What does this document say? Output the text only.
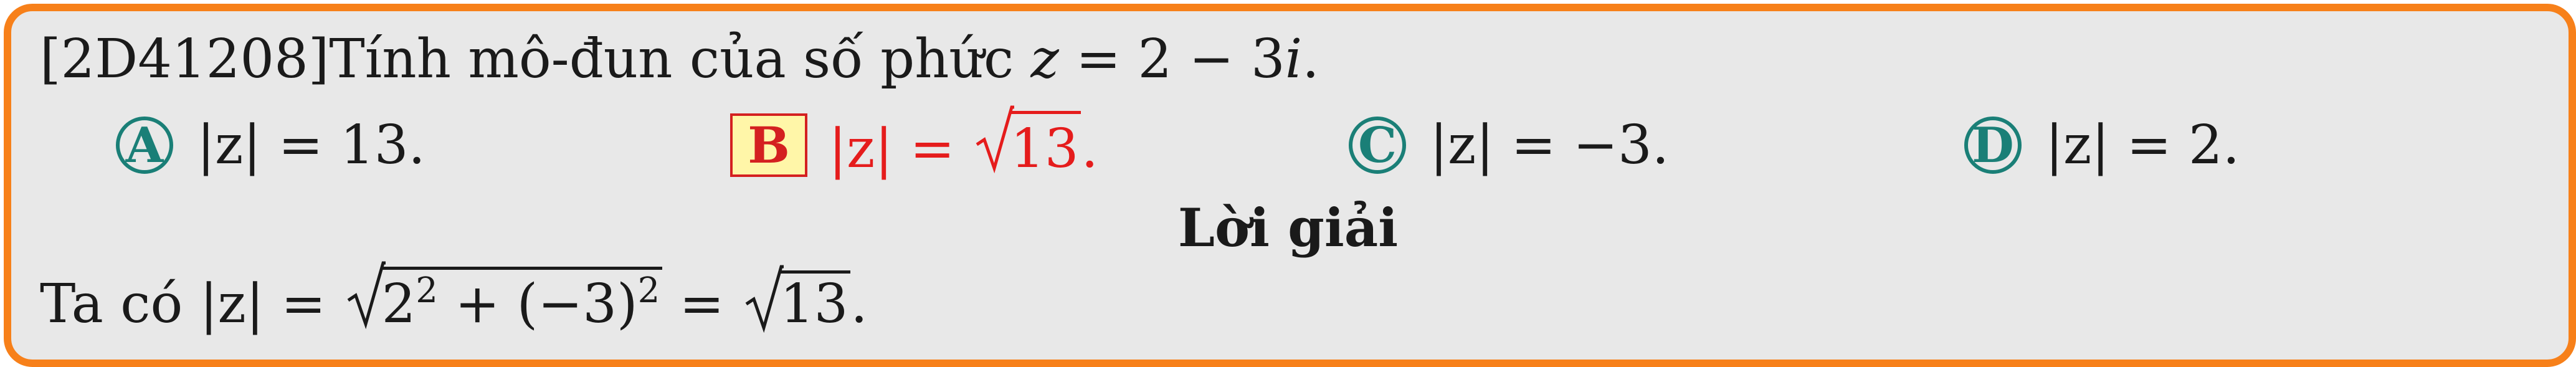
[2D41208]Tính mô-đun của số phức z = 2 − 3i.
A |z| = 13.	B |z| =
13.	C |z| = −3.	D |z| = 2.
Lời giải
Ta có |z| =
$2^2 + (-3)^2$ =
13.
